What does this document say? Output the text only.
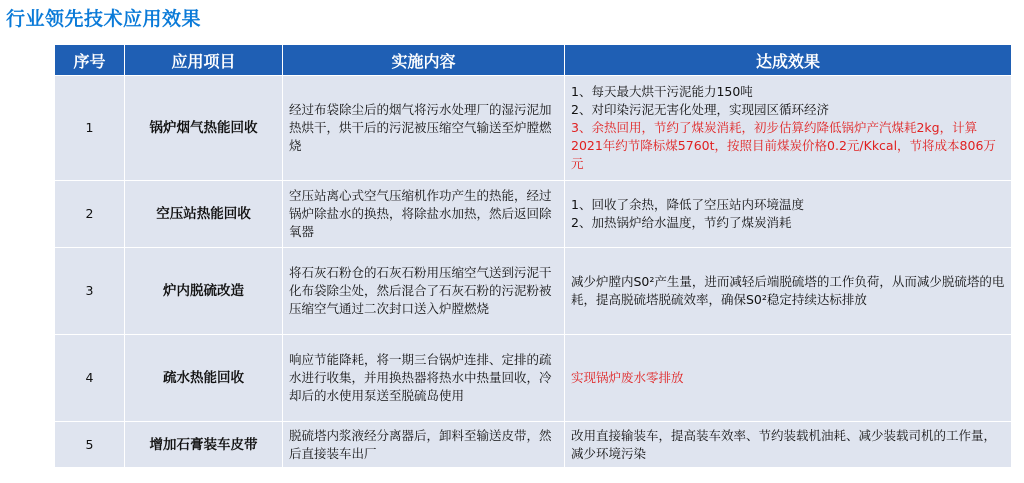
行业领先技术应用效果
序号	应用项目	实施内容	达成效果
1	锅炉烟气热能回收	经过布袋除尘后的烟气将污水处理厂的湿污泥加热烘干，烘干后的污泥被压缩空气输送至炉膛燃烧	1、每天最大烘干污泥能力150吨
2、对印染污泥无害化处理，实现园区循环经济
3、余热回用，节约了煤炭消耗，初步估算约降低锅炉产汽煤耗2kg，计算2021年约节降标煤5760t，按照目前煤炭价格0.2元/Kkcal，节将成本806万元

2	空压站热能回收	空压站离心式空气压缩机作功产生的热能，经过锅炉除盐水的换热，将除盐水加热，然后返回除氧器	1、回收了余热，降低了空压站内环境温度
2、加热锅炉给水温度，节约了煤炭消耗

3	炉内脱硫改造	将石灰石粉仓的石灰石粉用压缩空气送到污泥干化布袋除尘处，然后混合了石灰石粉的污泥粉被压缩空气通过二次封口送入炉膛燃烧	减少炉膛内S0²产生量，进而减轻后端脱硫塔的工作负荷，从而减少脱硫塔的电耗，提高脱硫塔脱硫效率，确保S0²稳定持续达标排放

4	疏水热能回收	响应节能降耗，将一期三台锅炉连排、定排的疏水进行收集，并用换热器将热水中热量回收，冷却后的水使用泵送至脱硫岛使用	实现锅炉废水零排放

5	增加石膏装车皮带	脱硫塔内浆液经分离器后，卸料至输送皮带，然后直接装车出厂	改用直接输装车，提高装车效率、节约装载机油耗、减少装载司机的工作量，减少环境污染
